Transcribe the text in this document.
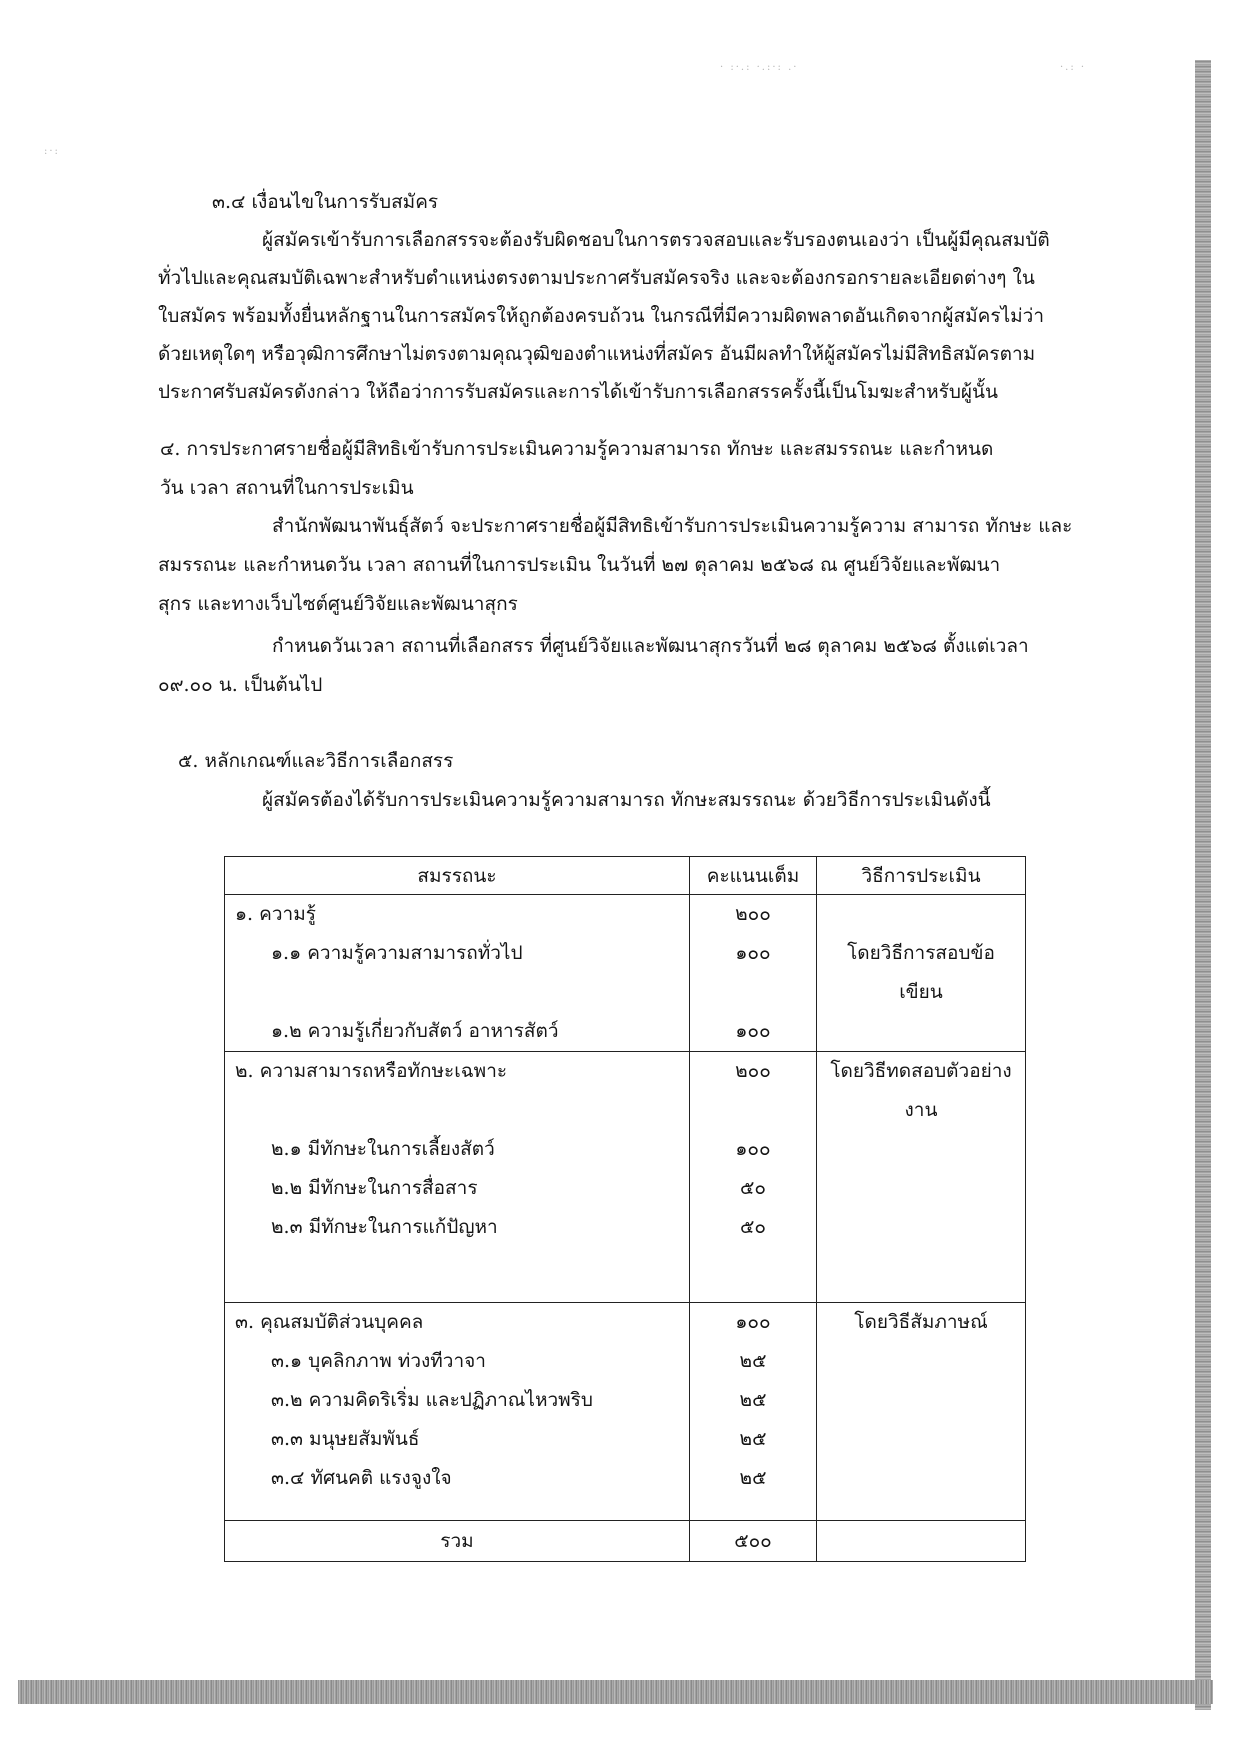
· :·.: ·.:·: .·	·.: ·
:·:
๓.๔ เงื่อนไขในการรับสมัคร
ผู้สมัครเข้ารับการเลือกสรรจะต้องรับผิดชอบในการตรวจสอบและรับรองตนเองว่า เป็นผู้มีคุณสมบัติ
ทั่วไปและคุณสมบัติเฉพาะสำหรับตำแหน่งตรงตามประกาศรับสมัครจริง และจะต้องกรอกรายละเอียดต่างๆ ใน
ใบสมัคร พร้อมทั้งยื่นหลักฐานในการสมัครให้ถูกต้องครบถ้วน ในกรณีที่มีความผิดพลาดอันเกิดจากผู้สมัครไม่ว่า
ด้วยเหตุใดๆ หรือวุฒิการศึกษาไม่ตรงตามคุณวุฒิของตำแหน่งที่สมัคร อันมีผลทำให้ผู้สมัครไม่มีสิทธิสมัครตาม
ประกาศรับสมัครดังกล่าว ให้ถือว่าการรับสมัครและการได้เข้ารับการเลือกสรรครั้งนี้เป็นโมฆะสำหรับผู้นั้น
๔. การประกาศรายชื่อผู้มีสิทธิเข้ารับการประเมินความรู้ความสามารถ ทักษะ และสมรรถนะ และกำหนด
วัน เวลา สถานที่ในการประเมิน
สำนักพัฒนาพันธุ์สัตว์ จะประกาศรายชื่อผู้มีสิทธิเข้ารับการประเมินความรู้ความ สามารถ ทักษะ และ
สมรรถนะ และกำหนดวัน เวลา สถานที่ในการประเมิน ในวันที่ ๒๗ ตุลาคม ๒๕๖๘ ณ ศูนย์วิจัยและพัฒนา
สุกร และทางเว็บไซต์ศูนย์วิจัยและพัฒนาสุกร
กำหนดวันเวลา สถานที่เลือกสรร ที่ศูนย์วิจัยและพัฒนาสุกรวันที่ ๒๘ ตุลาคม ๒๕๖๘ ตั้งแต่เวลา
๐๙.๐๐ น. เป็นต้นไป
๕. หลักเกณฑ์และวิธีการเลือกสรร
ผู้สมัครต้องได้รับการประเมินความรู้ความสามารถ ทักษะสมรรถนะ ด้วยวิธีการประเมินดังนี้
สมรรถนะ	คะแนนเต็ม	วิธีการประเมิน
๑. ความรู้	๒๐๐	
๑.๑ ความรู้ความสามารถทั่วไป	๑๐๐	โดยวิธีการสอบข้อเขียน
๑.๒ ความรู้เกี่ยวกับสัตว์ อาหารสัตว์	๑๐๐	
๒. ความสามารถหรือทักษะเฉพาะ	๒๐๐	โดยวิธีทดสอบตัวอย่างงาน
๒.๑ มีทักษะในการเลี้ยงสัตว์	๑๐๐	
๒.๒ มีทักษะในการสื่อสาร	๕๐	
๒.๓ มีทักษะในการแก้ปัญหา	๕๐	

๓. คุณสมบัติส่วนบุคคล	๑๐๐	โดยวิธีสัมภาษณ์
๓.๑ บุคลิกภาพ ท่วงทีวาจา	๒๕	
๓.๒ ความคิดริเริ่ม และปฏิภาณไหวพริบ	๒๕	
๓.๓ มนุษยสัมพันธ์	๒๕	
๓.๔ ทัศนคติ แรงจูงใจ	๒๕	

รวม	๕๐๐	
